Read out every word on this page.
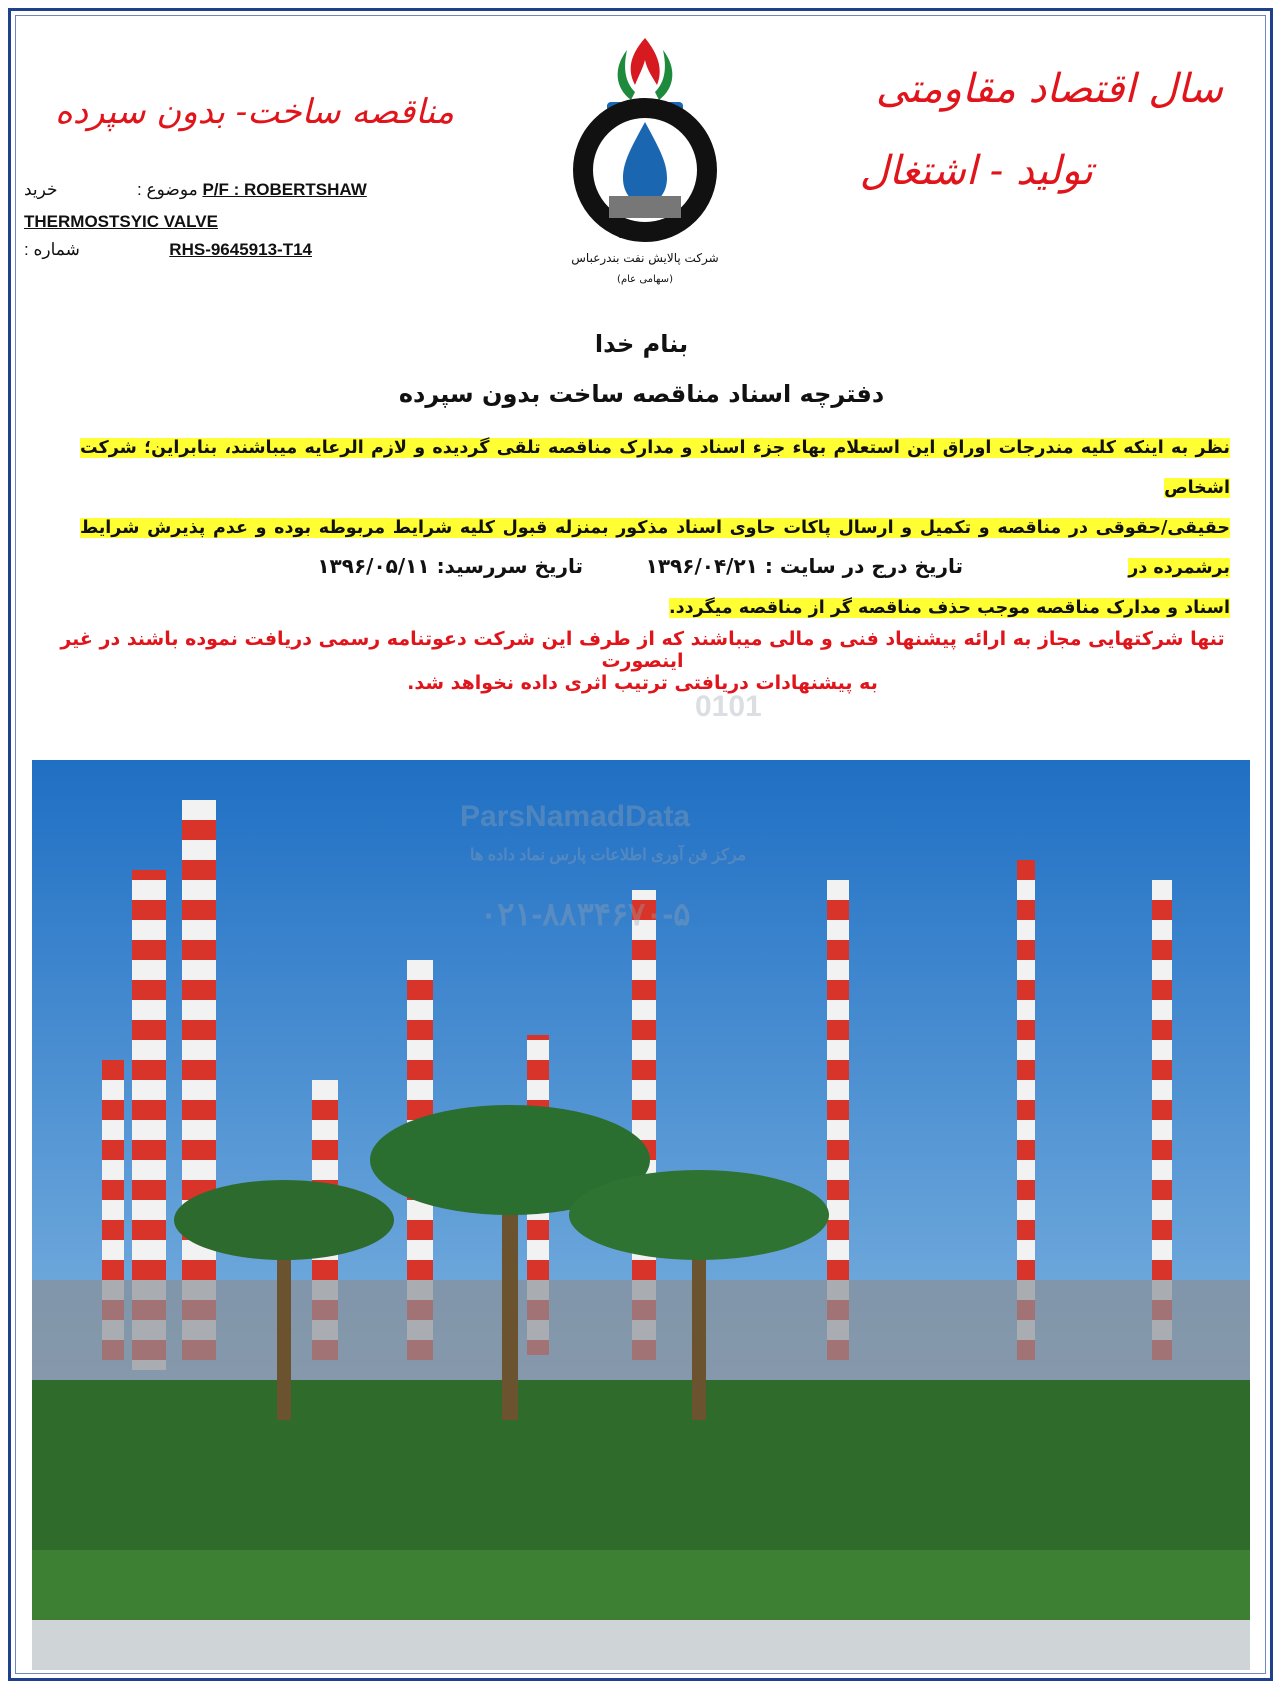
مناقصه ساخت- بدون سپرده	سال اقتصاد مقاومتی
تولید - اشتغال
موضوع :  خرید	P/F : ROBERTSHAW
THERMOSTSYIC VALVE
: شماره	RHS-9645913-T14
B.O.R.C
شرکت پالایش نفت بندرعباس
(سهامی عام)
بنام خدا
دفترچه اسناد مناقصه ساخت بدون سپرده
نظر به اینکه کلیه مندرجات اوراق این استعلام بهاء جزء اسناد و مدارک مناقصه تلقی گردیده و لازم الرعایه میباشند، بنابراین؛ شرکت اشخاص
حقیقی/حقوقی در مناقصه و تکمیل و ارسال پاکات حاوی اسناد مذکور بمنزله قبول کلیه شرایط مربوطه بوده و عدم پذیرش شرایط برشمرده در
اسناد و مدارک مناقصه موجب حذف مناقصه گر از مناقصه میگردد.
تاریخ درج در سایت : ۱۳۹۶/۰۴/۲۱
تاریخ سررسید: ۱۳۹۶/۰۵/۱۱
تنها شرکتهایی مجاز به ارائه پیشنهاد فنی و مالی میباشند که از طرف این شرکت دعوتنامه رسمی دریافت نموده باشند در غیر اینصورت
به پیشنهادات دریافتی ترتیب اثری داده نخواهد شد.
0101
ParsNamadData
مرکز فن آوری اطلاعات پارس نماد داده ها
۰۲۱-۸۸۳۴۶۷۰-۵
